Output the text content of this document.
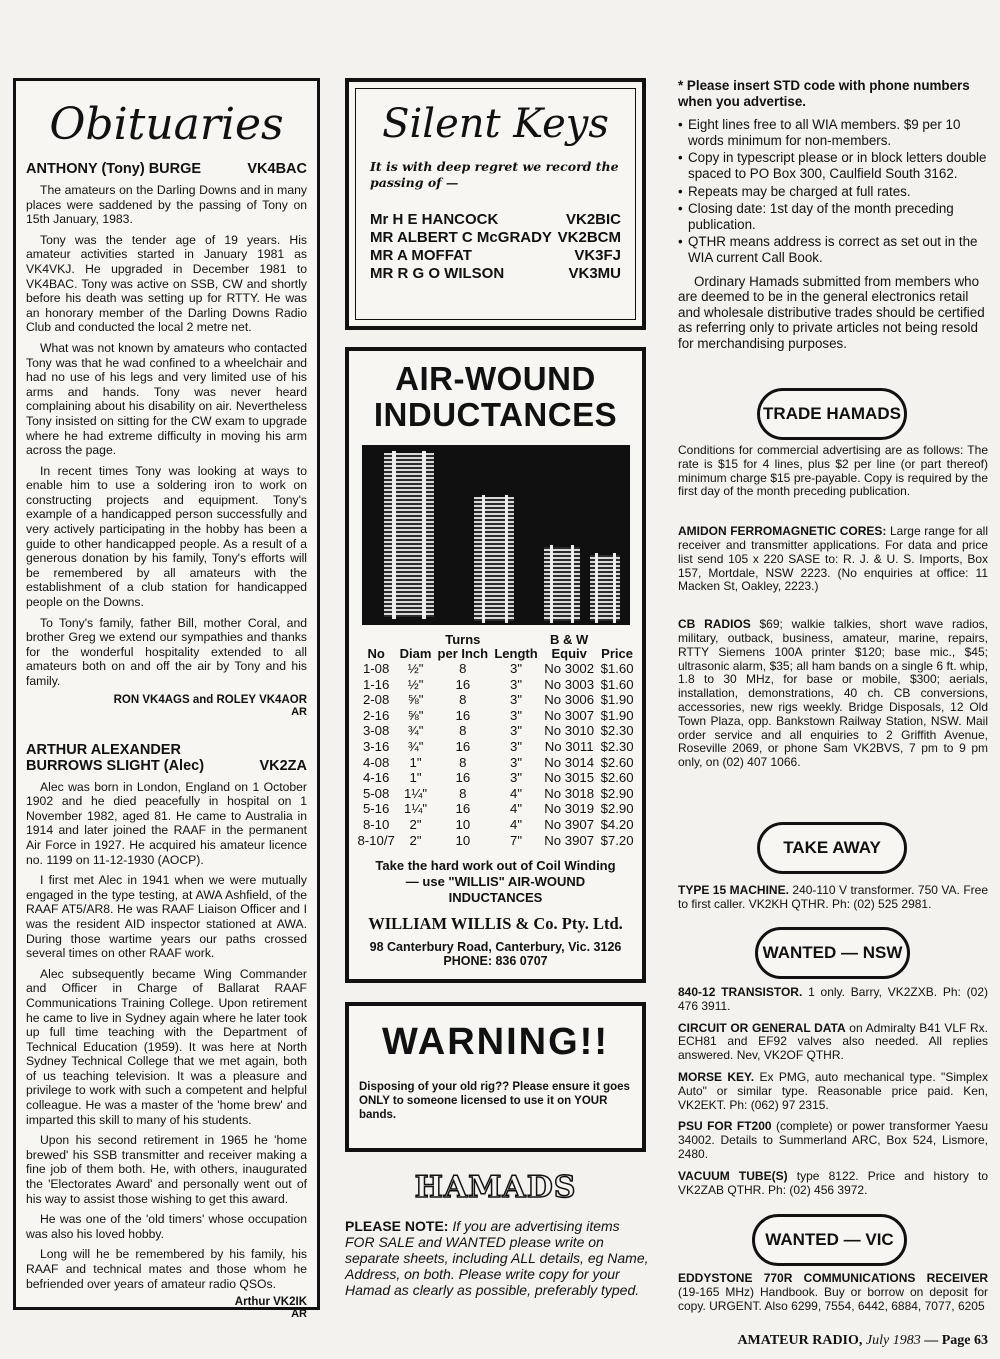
Obituaries
ANTHONY (Tony) BURGE	VK4BAC

The amateurs on the Darling Downs and in many places were saddened by the passing of Tony on 15th January, 1983.

Tony was the tender age of 19 years. His amateur activities started in January 1981 as VK4VKJ. He upgraded in December 1981 to VK4BAC. Tony was active on SSB, CW and shortly before his death was setting up for RTTY. He was an honorary member of the Darling Downs Radio Club and conducted the local 2 metre net.

What was not known by amateurs who contacted Tony was that he wad confined to a wheelchair and had no use of his legs and very limited use of his arms and hands. Tony was never heard complaining about his disability on air. Nevertheless Tony insisted on sitting for the CW exam to upgrade where he had extreme difficulty in moving his arm across the page.

In recent times Tony was looking at ways to enable him to use a soldering iron to work on constructing projects and equipment. Tony's example of a handicapped person successfully and very actively participating in the hobby has been a guide to other handicapped people. As a result of a generous donation by his family, Tony's efforts will be remembered by all amateurs with the establishment of a club station for handicapped people on the Downs.

To Tony's family, father Bill, mother Coral, and brother Greg we extend our sympathies and thanks for the wonderful hospitality extended to all amateurs both on and off the air by Tony and his family.

RON VK4AGS and ROLEY VK4AOR
AR
ARTHUR ALEXANDER
BURROWS SLIGHT (Alec)	VK2ZA

Alec was born in London, England on 1 October 1902 and he died peacefully in hospital on 1 November 1982, aged 81. He came to Australia in 1914 and later joined the RAAF in the permanent Air Force in 1927. He acquired his amateur licence no. 1199 on 11-12-1930 (AOCP).

I first met Alec in 1941 when we were mutually engaged in the type testing, at AWA Ashfield, of the RAAF AT5/AR8. He was RAAF Liaison Officer and I was the resident AID inspector stationed at AWA. During those wartime years our paths crossed several times on other RAAF work.

Alec subsequently became Wing Commander and Officer in Charge of Ballarat RAAF Communications Training College. Upon retirement he came to live in Sydney again where he later took up full time teaching with the Department of Technical Education (1959). It was here at North Sydney Technical College that we met again, both of us teaching television. It was a pleasure and privilege to work with such a competent and helpful colleague. He was a master of the 'home brew' and imparted this skill to many of his students.

Upon his second retirement in 1965 he 'home brewed' his SSB transmitter and receiver making a fine job of them both. He, with others, inaugurated the 'Electorates Award' and personally went out of his way to assist those wishing to get this award.

He was one of the 'old timers' whose occupation was also his loved hobby.

Long will he be remembered by his family, his RAAF and technical mates and those whom he befriended over years of amateur radio QSOs.

Arthur VK2IK
AR
Silent Keys
It is with deep regret we record the passing of —
Mr H E HANCOCK	VK2BIC
MR ALBERT C McGRADY VK2BCM
MR A MOFFAT	VK3FJ
MR R G O WILSON	VK3MU
AIR-WOUND
INDUCTANCES
No	Diam	Turns per Inch	Length	B & W Equiv	Price
1-08	½"	8	3"	No 3002	$1.60
1-16	½"	16	3"	No 3003	$1.60
2-08	⅝"	8	3"	No 3006	$1.90
2-16	⅝"	16	3"	No 3007	$1.90
3-08	¾"	8	3"	No 3010	$2.30
3-16	¾"	16	3"	No 3011	$2.30
4-08	1"	8	3"	No 3014	$2.60
4-16	1"	16	3"	No 3015	$2.60
5-08	1¼"	8	4"	No 3018	$2.90
5-16	1¼"	16	4"	No 3019	$2.90
8-10	2"	10	4"	No 3907	$4.20
8-10/7	2"	10	7"	No 3907	$7.20
Take the hard work out of Coil Winding
— use "WILLIS" AIR-WOUND
INDUCTANCES
WILLIAM WILLIS & Co. Pty. Ltd.
98 Canterbury Road, Canterbury, Vic. 3126
PHONE: 836 0707
WARNING!!
Disposing of your old rig?? Please ensure it goes ONLY to someone licensed to use it on YOUR bands.
HAMADS
PLEASE NOTE: If you are advertising items FOR SALE and WANTED please write on separate sheets, including ALL details, eg Name, Address, on both. Please write copy for your Hamad as clearly as possible, preferably typed.
* Please insert STD code with phone numbers when you advertise.
• Eight lines free to all WIA members. $9 per 10 words minimum for non-members.
• Copy in typescript please or in block letters double spaced to PO Box 300, Caulfield South 3162.
• Repeats may be charged at full rates.
• Closing date: 1st day of the month preceding publication.
• QTHR means address is correct as set out in the WIA current Call Book.
Ordinary Hamads submitted from members who are deemed to be in the general electronics retail and wholesale distributive trades should be certified as referring only to private articles not being resold for merchandising purposes.
TRADE HAMADS
Conditions for commercial advertising are as follows: The rate is $15 for 4 lines, plus $2 per line (or part thereof) minimum charge $15 pre-payable. Copy is required by the first day of the month preceding publication.
AMIDON FERROMAGNETIC CORES: Large range for all receiver and transmitter applications. For data and price list send 105 x 220 SASE to: R. J. & U. S. Imports, Box 157, Mortdale, NSW 2223. (No enquiries at office: 11 Macken St, Oakley, 2223.)
CB RADIOS $69; walkie talkies, short wave radios, military, outback, business, amateur, marine, repairs, RTTY Siemens 100A printer $120; base mic., $45; ultrasonic alarm, $35; all ham bands on a single 6 ft. whip, 1.8 to 30 MHz, for base or mobile, $300; aerials, installation, demonstrations, 40 ch. CB conversions, accessories, new rigs weekly. Bridge Disposals, 12 Old Town Plaza, opp. Bankstown Railway Station, NSW. Mail order service and all enquiries to 2 Griffith Avenue, Roseville 2069, or phone Sam VK2BVS, 7 pm to 9 pm only, on (02) 407 1066.
TAKE AWAY
TYPE 15 MACHINE. 240-110 V transformer. 750 VA. Free to first caller. VK2KH QTHR. Ph: (02) 525 2981.
WANTED — NSW
840-12 TRANSISTOR. 1 only. Barry, VK2ZXB. Ph: (02) 476 3911.
CIRCUIT OR GENERAL DATA on Admiralty B41 VLF Rx. ECH81 and EF92 valves also needed. All replies answered. Nev, VK2OF QTHR.
MORSE KEY. Ex PMG, auto mechanical type. "Simplex Auto" or similar type. Reasonable price paid. Ken, VK2EKT. Ph: (062) 97 2315.
PSU FOR FT200 (complete) or power transformer Yaesu 34002. Details to Summerland ARC, Box 524, Lismore, 2480.
VACUUM TUBE(S) type 8122. Price and history to VK2ZAB QTHR. Ph: (02) 456 3972.
WANTED — VIC
EDDYSTONE 770R COMMUNICATIONS RECEIVER (19-165 MHz) Handbook. Buy or borrow on deposit for copy. URGENT. Also 6299, 7554, 6442, 6884, 7077, 6205
AMATEUR RADIO, July 1983 — Page 63
